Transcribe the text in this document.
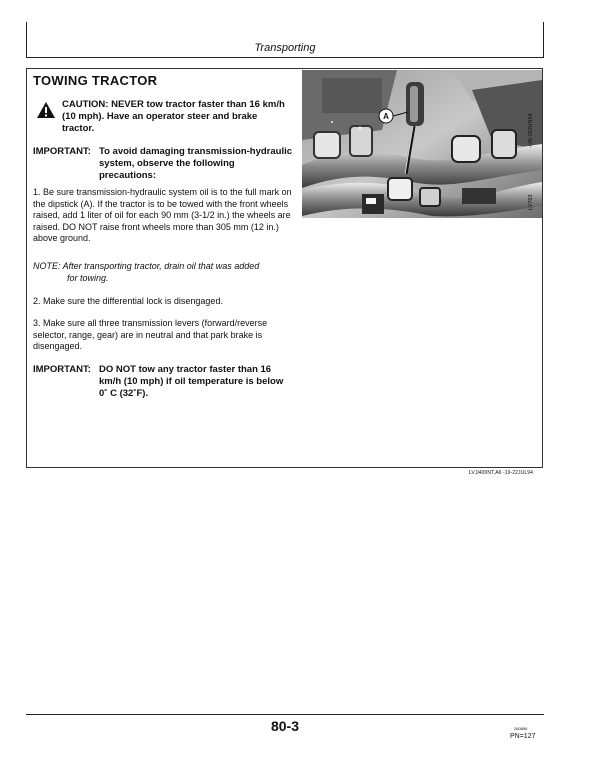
Transporting
TOWING TRACTOR
CAUTION: NEVER tow tractor faster than 16 km/h (10 mph). Have an operator steer and brake tractor.
IMPORTANT: To avoid damaging transmission-hydraulic system, observe the following precautions:
1. Be sure transmission-hydraulic system oil is to the full mark on the dipstick (A). If the tractor is to be towed with the front wheels raised, add 1 liter of oil for each 90 mm (3-1/2 in.) the wheels are raised. DO NOT raise front wheels more than 305 mm (12 in.) above ground.
NOTE: After transporting tractor, drain oil that was added
for towing.
2. Make sure the differential lock is disengaged.
3. Make sure all three transmission levers (forward/reverse selector, range, gear) are in neutral and that park brake is disengaged.
IMPORTANT: DO NOT tow any tractor faster than 16 km/h (10 mph) if oil temperature is below 0˚ C (32˚F).
A	-UN-20JUN94
LV763
LV,0400NT,A6 -19-22JUL94
80-3	260896
PN=127
